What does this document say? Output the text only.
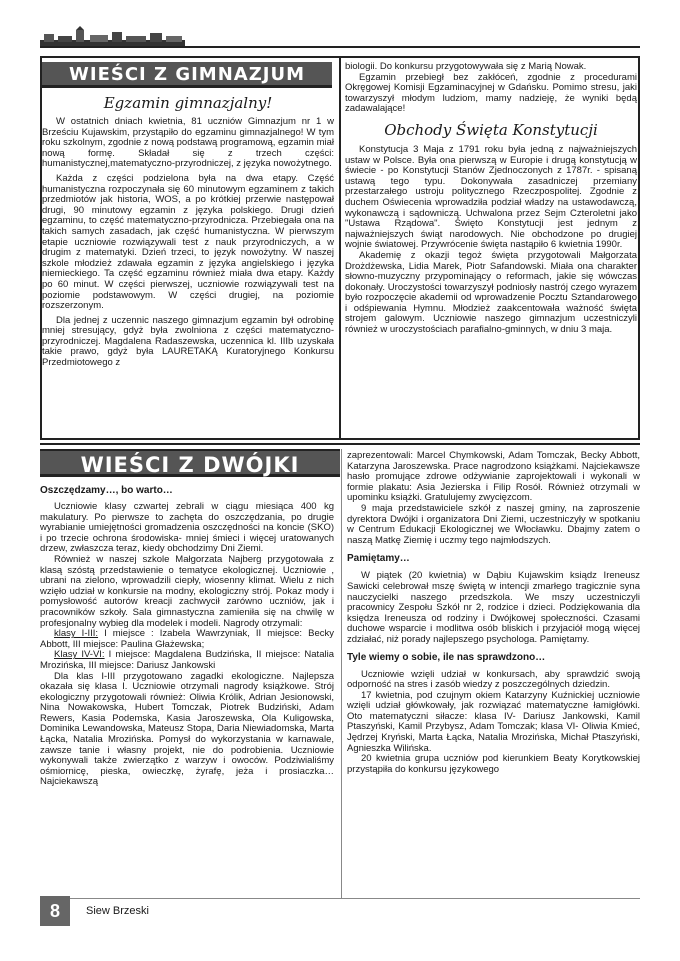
WIEŚCI Z GIMNAZJUM
Egzamin gimnazjalny!

W ostatnich dniach kwietnia, 81 uczniów Gimnazjum nr 1 w Brześciu Kujawskim, przystąpiło do egzaminu gimnazjalnego! W tym roku szkolnym, zgodnie z nową podstawą programową, egzamin miał nową formę. Składał się z trzech części: humanistycznej,matematyczno-przyrodniczej, z języka nowożytnego.

Każda z części podzielona była na dwa etapy. Część humanistyczna rozpoczynała się 60 minutowym egzaminem z takich przedmiotów jak historia, WOS, a po krótkiej przerwie następował drugi, 90 minutowy egzamin z języka polskiego. Drugi dzień egzaminu, to część matematyczno-przyrodnicza. Przebiegała ona na takich samych zasadach, jak część humanistyczna. W pierwszym etapie uczniowie rozwiązywali test z nauk przyrodniczych, a w drugim z matematyki. Dzień trzeci, to język nowożytny. W naszej szkole młodzież zdawała egzamin z języka angielskiego i języka niemieckiego. Ta część egzaminu również miała dwa etapy. Każdy po 60 minut. W części pierwszej, uczniowie rozwiązywali test na poziomie podstawowym. W części drugiej, na poziomie rozszerzonym.

Dla jednej z uczennic naszego gimnazjum egzamin był odrobinę mniej stresujący, gdyż była zwolniona z części matematyczno-przyrodniczej. Magdalena Radaszewska, uczennica kl. IIIb uzyskała takie prawo, gdyż była LAURETAKĄ Kuratoryjnego Konkursu Przedmiotowego z

biologii. Do konkursu przygotowywała się z Marią Nowak.

Egzamin przebiegł bez zakłóceń, zgodnie z procedurami Okręgowej Komisji Egzaminacyjnej w Gdańsku. Pomimo stresu, jaki towarzyszył młodym ludziom, mamy nadzieję, że wyniki będą zadawalające!

Obchody Święta Konstytucji

Konstytucja 3 Maja z 1791 roku była jedną z najważniejszych ustaw w Polsce. Była ona pierwszą w Europie i drugą konstytucją w świecie - po Konstytucji Stanów Zjednoczonych z 1787r. - spisaną ustawą tego typu. Dokonywała zasadniczej przemiany przestarzałego ustroju politycznego Rzeczpospolitej. Zgodnie z duchem Oświecenia wprowadziła podział władzy na ustawodawczą, wykonawczą i sądowniczą. Uchwalona przez Sejm Czteroletni jako "Ustawa Rządowa". Święto Konstytucji jest jednym z najważniejszych świąt narodowych. Nie obchodzone po drugiej wojnie światowej. Przywrócenie święta nastąpiło 6 kwietnia 1990r.

Akademię z okazji tegoż święta przygotowali Małgorzata Drożdżewska, Lidia Marek, Piotr Safandowski. Miała ona charakter słowno-muzyczny przypominający o reformach, jakie się wówczas dokonały. Uroczystości towarzyszył podniosły nastrój czego wyrazem było rozpoczęcie akademii od wprowadzenie Pocztu Sztandarowego i odśpiewania Hymnu. Młodzież zaakcentowała ważność święta strojem galowym. Uczniowie naszego gimnazjum uczestniczyli również w uroczystościach parafialno-gminnych, w dniu 3 maja.

WIEŚCI Z DWÓJKI

Oszczędzamy…, bo warto…

Uczniowie klasy czwartej zebrali w ciągu miesiąca 400 kg makulatury. Po pierwsze to zachęta do oszczędzania, po drugie wyrabianie umiejętności gromadzenia oszczędności na koncie (SKO) i po trzecie ochrona środowiska- mniej śmieci i więcej uratowanych drzew, zwłaszcza teraz, kiedy obchodzimy Dni Ziemi.

Również w naszej szkole Małgorzata Najberg przygotowała z klasą szóstą przedstawienie o tematyce ekologicznej. Uczniowie , ubrani na zielono, wprowadzili ciepły, wiosenny klimat. Wielu z nich wzięło udział w konkursie na modny, ekologiczny strój. Pokaz mody i pomysłowość autorów kreacji zachwycił zarówno uczniów, jak i pracowników szkoły. Sala gimnastyczna zamieniła się na chwilę w profesjonalny wybieg dla modelek i modeli. Nagrody otrzymali:

klasy I-III: I miejsce : Izabela Wawrzyniak, II miejsce: Becky Abbott, III miejsce: Paulina Głażewska;

Klasy IV-VI: I miejsce: Magdalena Budzińska, II miejsce: Natalia Mrozińska, III miejsce: Dariusz Jankowski

Dla klas I-III przygotowano zagadki ekologiczne. Najlepsza okazała się klasa I. Uczniowie otrzymali nagrody książkowe. Strój ekologiczny przygotowali również: Oliwia Królik, Adrian Jesionowski, Nina Nowakowska, Hubert Tomczak, Piotrek Budziński, Adam Rewers, Kasia Podemska, Kasia Jaroszewska, Ola Kuligowska, Dominika Lewandowska, Mateusz Stopa, Daria Niewiadomska, Marta Łącka, Natalia Mrozińska. Pomysł do wykorzystania w karnawale, zawsze tanie i własny projekt, nie do podrobienia. Uczniowie wykonywali także zwierzątko z warzyw i owoców. Podziwialiśmy ośmiornicę, pieska, owieczkę, żyrafę, jeża i prosiaczka… Najciekawszą

zaprezentowali: Marcel Chymkowski, Adam Tomczak, Becky Abbott, Katarzyna Jaroszewska. Prace nagrodzono książkami. Najciekawsze hasło promujące zdrowe odżywianie zaprojektowali i wykonali w formie plakatu: Asia Jezierska i Filip Rosół. Również otrzymali w upominku książki. Gratulujemy zwycięzcom.

9 maja przedstawiciele szkół z naszej gminy, na zaproszenie dyrektora Dwójki i organizatora Dni Ziemi, uczestniczyły w spotkaniu w Centrum Edukacji Ekologicznej we Włocławku. Dbajmy zatem o naszą Matkę Ziemię i uczmy tego najmłodszych.

Pamiętamy…

W piątek (20 kwietnia) w Dąbiu Kujawskim ksiądz Ireneusz Sawicki celebrował mszę świętą w intencji zmarłego tragicznie syna nauczycielki naszego przedszkola. We mszy uczestniczyli pracownicy Zespołu Szkół nr 2, rodzice i dzieci. Podziękowania dla księdza Ireneusza od rodziny i Dwójkowej społeczności. Czasami duchowe wsparcie i modlitwa osób bliskich i przyjaciół mogą więcej zdziałać, niż porady najlepszego psychologa. Pamiętamy.

Tyle wiemy o sobie, ile nas sprawdzono…

Uczniowie wzięli udział w konkursach, aby sprawdzić swoją odporność na stres i zasób wiedzy z poszczególnych dziedzin.

17 kwietnia, pod czujnym okiem Katarzyny Kuźnickiej uczniowie wzięli udział główkowały, jak rozwiązać matematyczne łamigłówki. Oto matematyczni siłacze: klasa IV- Dariusz Jankowski, Kamil Ptaszyński, Kamil Przybysz, Adam Tomczak; klasa VI- Oliwia Kmieć, Jędrzej Kryński, Marta Łącka, Natalia Mrozińska, Michał Ptaszyński, Agnieszka Wilińska.

20 kwietnia grupa uczniów pod kierunkiem Beaty Korytkowskiej przystąpiła do konkursu językowego

8	Siew Brzeski
